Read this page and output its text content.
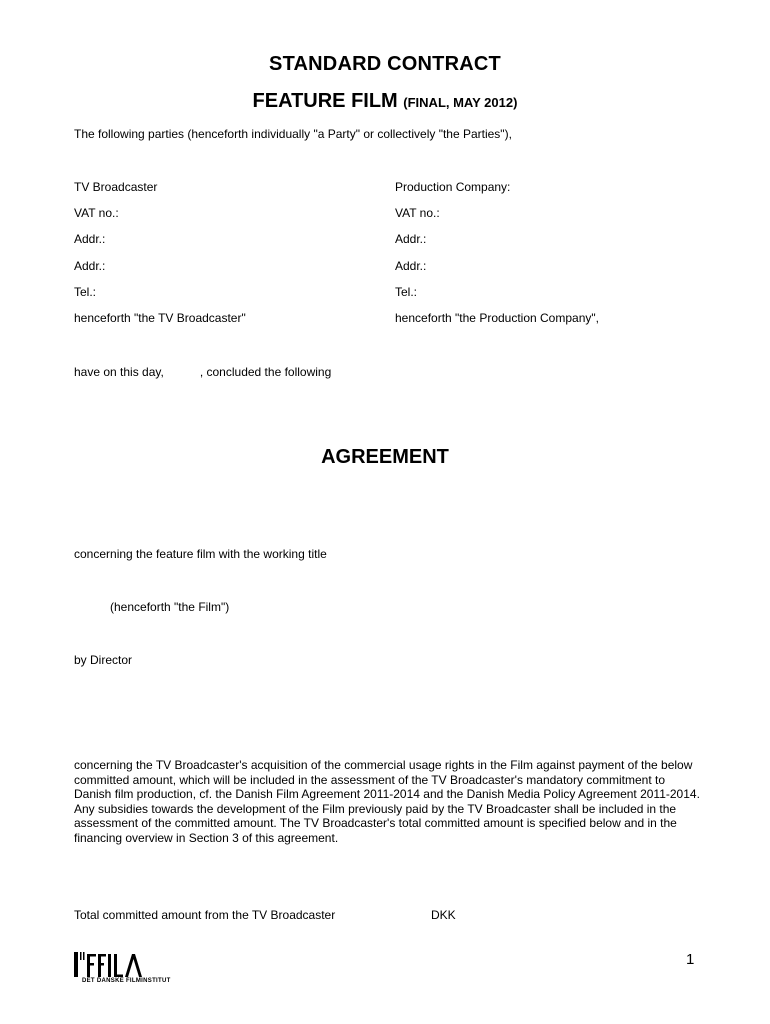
STANDARD CONTRACT
FEATURE FILM (FINAL, MAY 2012)
The following parties (henceforth individually "a Party" or collectively "the Parties"),
TV Broadcaster
VAT no.:
Addr.:
Addr.:
Tel.:
henceforth "the TV Broadcaster"
Production Company:
VAT no.:
Addr.:
Addr.:
Tel.:
henceforth "the Production Company",
have on this day,	, concluded the following
AGREEMENT
concerning the feature film with the working title
(henceforth "the Film")
by Director
concerning the TV Broadcaster's acquisition of the commercial usage rights in the Film against payment of the below committed amount, which will be included in the assessment of the TV Broadcaster's mandatory commitment to Danish film production, cf. the Danish Film Agreement 2011-2014 and the Danish Media Policy Agreement 2011-2014. Any subsidies towards the development of the Film previously paid by the TV Broadcaster shall be included in the assessment of the committed amount. The TV Broadcaster's total committed amount is specified below and in the financing overview in Section 3 of this agreement.
Total committed amount from the TV Broadcaster	DKK
DET DANSKE FILMINSTITUT
1
